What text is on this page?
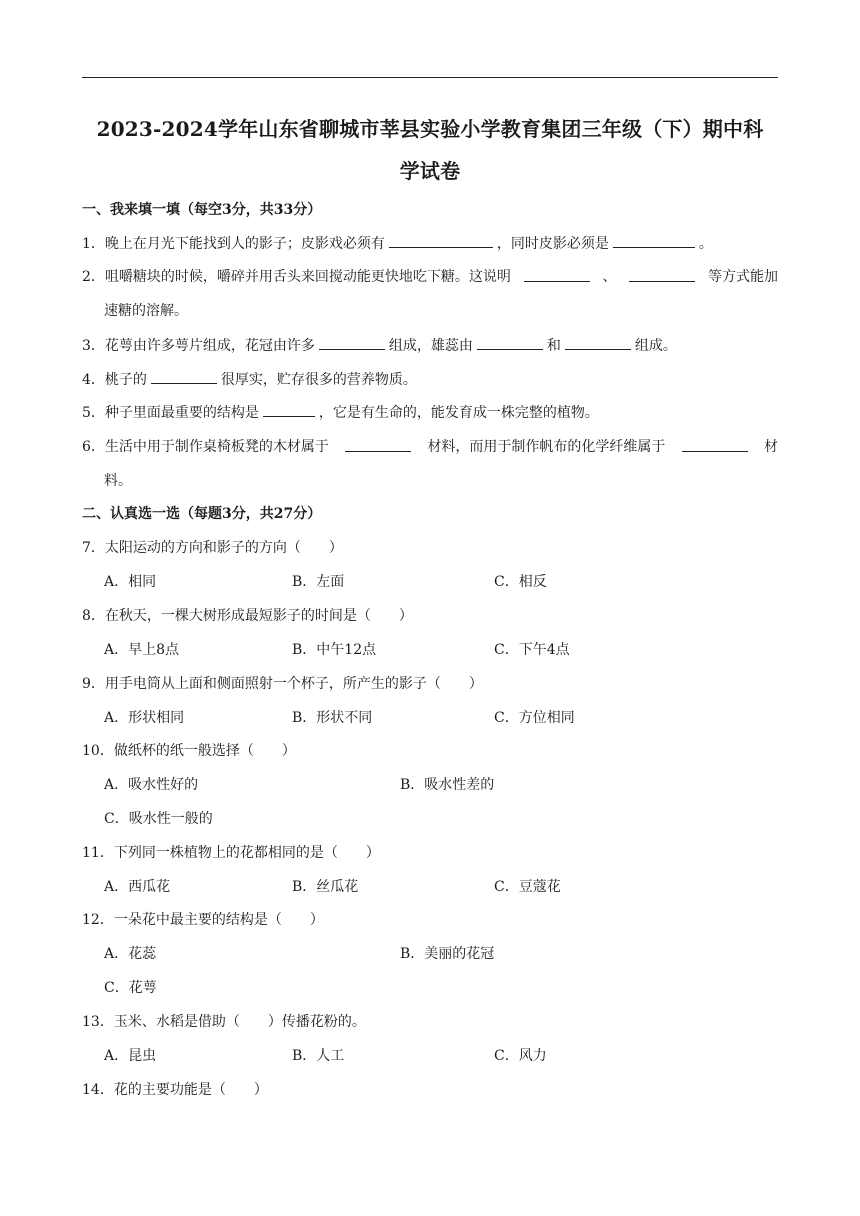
2023-2024学年山东省聊城市莘县实验小学教育集团三年级（下）期中科
学试卷
一、我来填一填（每空3分，共33分）
1．晚上在月光下能找到人的影子；皮影戏必须有	，同时皮影必须是	。
2．咀嚼糖块的时候，嚼碎并用舌头来回搅动能更快地吃下糖。这说明	、	等方式能加
速糖的溶解。
3．花萼由许多萼片组成，花冠由许多	组成，雄蕊由	和	组成。
4．桃子的	很厚实，贮存很多的营养物质。
5．种子里面最重要的结构是	，它是有生命的，能发育成一株完整的植物。
6．生活中用于制作桌椅板凳的木材属于	材料，而用于制作帆布的化学纤维属于	材
料。
二、认真选一选（每题3分，共27分）
7．太阳运动的方向和影子的方向（　　）
A．相同	B．左面	C．相反
8．在秋天，一棵大树形成最短影子的时间是（　　）
A．早上8点	B．中午12点	C．下午4点
9．用手电筒从上面和侧面照射一个杯子，所产生的影子（　　）
A．形状相同	B．形状不同	C．方位相同
10．做纸杯的纸一般选择（　　）
A．吸水性好的	B．吸水性差的
C．吸水性一般的
11．下列同一株植物上的花都相同的是（　　）
A．西瓜花	B．丝瓜花	C．豆蔻花
12．一朵花中最主要的结构是（　　）
A．花蕊	B．美丽的花冠
C．花萼
13．玉米、水稻是借助（　　）传播花粉的。
A．昆虫	B．人工	C．风力
14．花的主要功能是（　　）
